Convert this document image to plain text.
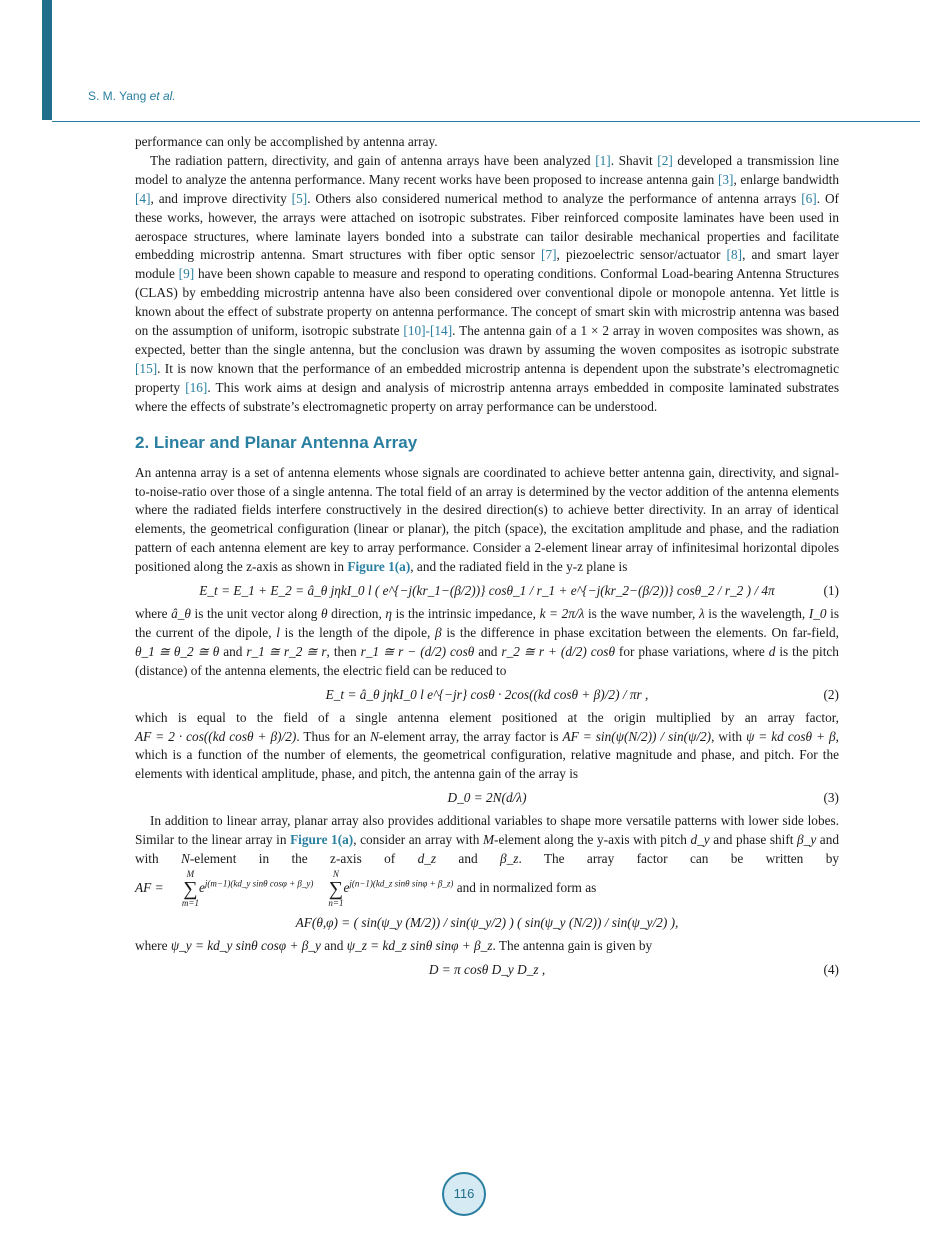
S. M. Yang et al.

performance can only be accomplished by antenna array.

The radiation pattern, directivity, and gain of antenna arrays have been analyzed [1]. Shavit [2] developed a transmission line model to analyze the antenna performance. Many recent works have been proposed to increase antenna gain [3], enlarge bandwidth [4], and improve directivity [5]. Others also considered numerical method to analyze the performance of antenna arrays [6]. Of these works, however, the arrays were attached on isotropic substrates. Fiber reinforced composite laminates have been used in aerospace structures, where laminate layers bonded into a substrate can tailor desirable mechanical properties and facilitate embedding microstrip antenna. Smart structures with fiber optic sensor [7], piezoelectric sensor/actuator [8], and smart layer module [9] have been shown capable to measure and respond to operating conditions. Conformal Load-bearing Antenna Structures (CLAS) by embedding microstrip antenna have also been considered over conventional dipole or monopole antenna. Yet little is known about the effect of substrate property on antenna performance. The concept of smart skin with microstrip antenna was based on the assumption of uniform, isotropic substrate [10]-[14]. The antenna gain of a 1 × 2 array in woven composites was shown, as expected, better than the single antenna, but the conclusion was drawn by assuming the woven composites as isotropic substrate [15]. It is now known that the performance of an embedded microstrip antenna is dependent upon the substrate’s electromagnetic property [16]. This work aims at design and analysis of microstrip antenna arrays embedded in composite laminated substrates where the effects of substrate’s electromagnetic property on array performance can be understood.

2. Linear and Planar Antenna Array

An antenna array is a set of antenna elements whose signals are coordinated to achieve better antenna gain, directivity, and signal-to-noise-ratio over those of a single antenna. The total field of an array is determined by the vector addition of the antenna elements where the radiated fields interfere constructively in the desired direction(s) to achieve better directivity. In an array of identical elements, the geometrical configuration (linear or planar), the pitch (space), the excitation amplitude and phase, and the radiation pattern of each antenna element are key to array performance. Consider a 2-element linear array of infinitesimal horizontal dipoles positioned along the z-axis as shown in Figure 1(a), and the radiated field in the y-z plane is

E_t = E_1 + E_2 = â_θ jηkI_0 l ( e^{−j(kr_1−(β/2))} cosθ_1 / r_1 + e^{−j(kr_2−(β/2))} cosθ_2 / r_2 ) / 4π	(1)

where â_θ is the unit vector along θ direction, η is the intrinsic impedance, k = 2π/λ is the wave number, λ is the wavelength, I_0 is the current of the dipole, l is the length of the dipole, β is the difference in phase excitation between the elements. On far-field, θ_1 ≅ θ_2 ≅ θ and r_1 ≅ r_2 ≅ r, then r_1 ≅ r − (d/2) cosθ and r_2 ≅ r + (d/2) cosθ for phase variations, where d is the pitch (distance) of the antenna elements, the electric field can be reduced to

E_t = â_θ jηkI_0 l e^{−jr} cosθ · 2cos((kd cosθ + β)/2) / πr ,	(2)

which is equal to the field of a single antenna element positioned at the origin multiplied by an array factor, AF = 2 · cos((kd cosθ + β)/2). Thus for an N-element array, the array factor is AF = sin(ψ(N/2)) / sin(ψ/2), with ψ = kd cosθ + β, which is a function of the number of elements, the geometrical configuration, relative magnitude and phase, and pitch. For the elements with identical amplitude, phase, and pitch, the antenna gain of the array is

D_0 = 2N(d/λ)	(3)

In addition to linear array, planar array also provides additional variables to shape more versatile patterns with lower side lobes. Similar to the linear array in Figure 1(a), consider an array with M-element along the y-axis with pitch d_y and phase shift β_y and with N-element in the z-axis of d_z and β_z. The array factor can be written by AF =
M
∑
m=1
$e^{j(m-1)(kd\_y sin\theta cos\varphi + \beta\_y)}$
N
∑
n=1
$e^{j(n-1)(kd\_z sin\theta sin\varphi + \beta\_z)}$ and in normalized form as

AF(θ,φ) = ( sin(ψ_y (M/2)) / sin(ψ_y/2) ) ( sin(ψ_y (N/2)) / sin(ψ_y/2) ),

where ψ_y = kd_y sinθ cosφ + β_y and ψ_z = kd_z sinθ sinφ + β_z. The antenna gain is given by

D = π cosθ D_y D_z ,	(4)
116
